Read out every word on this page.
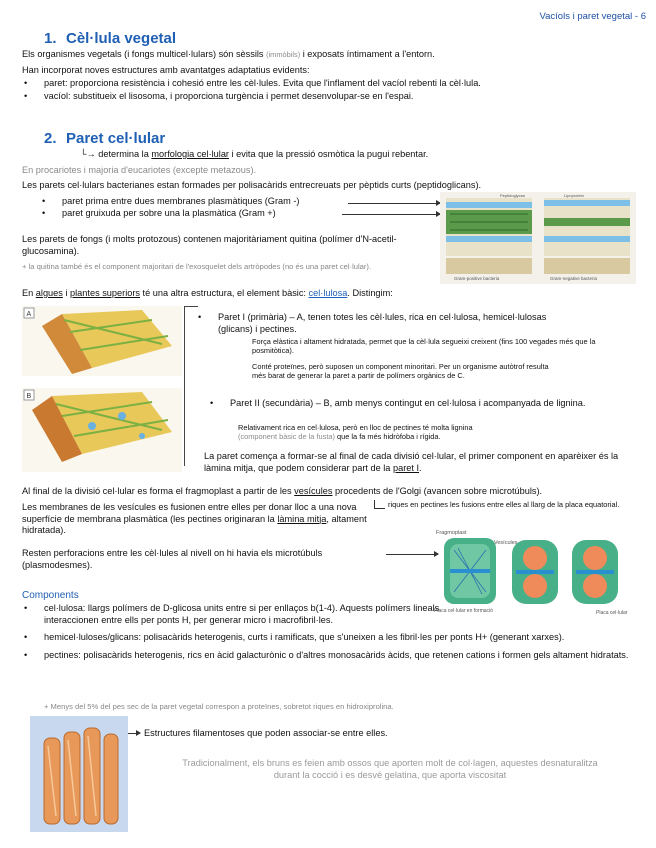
Vacíols i paret vegetal - 6
1. Cèl·lula vegetal

Els organismes vegetals (i fongs multicel·lulars) són sèssils (immòbils) i exposats íntimament a l'entorn.

Han incorporat noves estructures amb avantatges adaptatius evidents:

• paret: proporciona resistència i cohesió entre les cèl·lules. Evita que l'inflament del vacíol rebenti la cèl·lula.
• vacíol: substitueix el lisosoma, i proporciona turgència i permet desenvolupar-se en l'espai.
2. Paret cel·lular

└→ determina la morfologia cel·lular i evita que la pressió osmòtica la pugui rebentar.

En procariotes i majoria d'eucariotes (excepte metazous).

Les parets cel·lulars bacterianes estan formades per polisacàrids entrecreuats per pèptids curts (peptidoglicans).

• paret prima entre dues membranes plasmàtiques (Gram -)
• paret gruixuda per sobre una la plasmàtica (Gram +)
Gram-positive bacteria	Gram-negative bacteria
Peptidoglycan	Lipoprotein

Les parets de fongs (i molts protozous) contenen majoritàriament quitina (polímer d'N-acetil-glucosamina).

+ la quitina també és el component majoritari de l'exosquelet dels artròpodes (no és una paret cel·lular).

En algues i plantes superiors té una altra estructura, el element bàsic: cel·lulosa. Distingim:

A
B
• Paret I (primària) – A, tenen totes les cèl·lules, rica en cel·lulosa, hemicel·lulosas (glicans) i pectines.

Força elàstica i altament hidratada, permet que la cèl·lula segueixi creixent (fins 100 vegades més que la posmitòtica).

Conté proteïnes, però suposen un component minoritari. Per un organisme autòtrof resulta més barat de generar la paret a partir de polímers orgànics de C.

• Paret II (secundària) – B, amb menys contingut en cel·lulosa i acompanyada de lignina.

Relativament rica en cel·lulosa, però en lloc de pectines té molta lignina
(component bàsic de la fusta) que la fa més hidròfoba i rígida.

La paret comença a formar-se al final de cada divisió cel·lular, el primer component en aparèixer és la làmina mitja, que podem considerar part de la paret I.

Al final de la divisió cel·lular es forma el fragmoplast a partir de les vesícules procedents de l'Golgi (avancen sobre microtúbuls).

Les membranes de les vesícules es fusionen entre elles per donar lloc a una nova superfície de membrana plasmàtica (les pectines originaran la làmina mitja, altament hidratada).

riques en pectines les fusions entre elles al llarg de la placa equatorial.

Resten perforacions entre les cèl·lules al nivell on hi havia els microtúbuls (plasmodesmes).

Fragmoplast
Vesícules
Placa cel·lular en formació	Placa cel·lular

Components

• cel·lulosa: llargs polímers de D-glicosa units entre si per enllaços b(1-4). Aquests polímers lineals interaccionen entre ells per ponts H, per generar micro i macrofibril·les.
• hemicel·luloses/glicans: polisacàrids heterogenis, curts i ramificats, que s'uneixen a les fibril·les per ponts H+ (generant xarxes).
• pectines: polisacàrids heterogenis, rics en àcid galacturònic o d'altres monosacàrids àcids, que retenen cations i formen gels altament hidratats.

+ Menys del 5% del pes sec de la paret vegetal correspon a proteïnes, sobretot riques en hidroxiprolina.

Estructures filamentoses que poden associar-se entre elles.

Tradicionalment, els bruns es feien amb ossos que aporten molt de col·lagen, aquestes desnaturalitza durant la cocció i es desvé gelatina, que aporta viscositat
